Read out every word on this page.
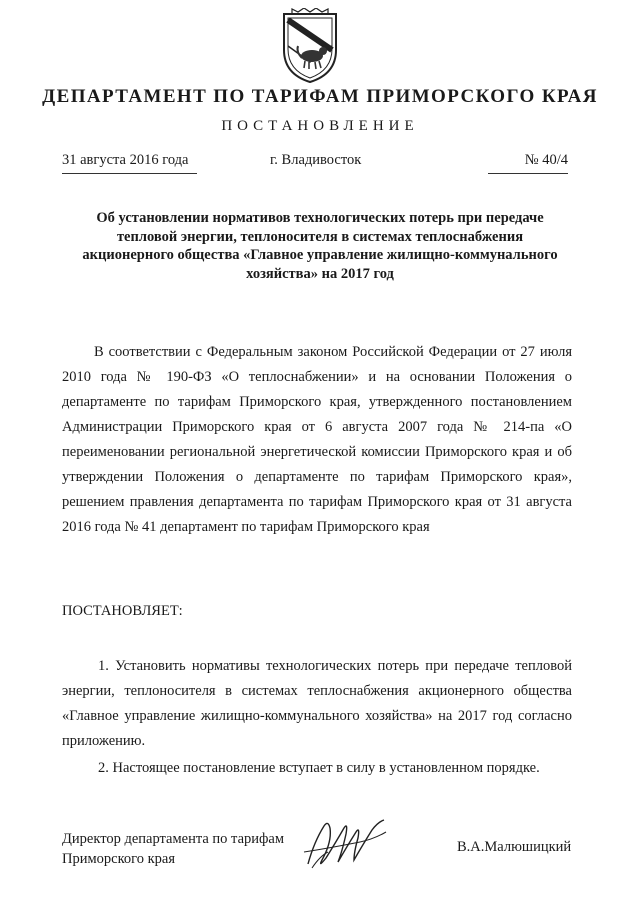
ДЕПАРТАМЕНТ ПО ТАРИФАМ ПРИМОРСКОГО КРАЯ
ПОСТАНОВЛЕНИЕ
31 августа 2016 года	г. Владивосток	№ 40/4
Об установлении нормативов технологических потерь при передаче тепловой энергии, теплоносителя в системах теплоснабжения акционерного общества «Главное управление жилищно-коммунального хозяйства» на 2017 год
В соответствии с Федеральным законом Российской Федерации от 27 июля 2010 года № 190-ФЗ «О теплоснабжении» и на основании Положения о департаменте по тарифам Приморского края, утвержденного постановлением Администрации Приморского края от 6 августа 2007 года № 214-па «О переименовании региональной энергетической комиссии Приморского края и об утверждении Положения о департаменте по тарифам Приморского края», решением правления департамента по тарифам Приморского края от 31 августа 2016 года № 41 департамент по тарифам Приморского края
ПОСТАНОВЛЯЕТ:
1. Установить нормативы технологических потерь при передаче тепловой энергии, теплоносителя в системах теплоснабжения акционерного общества «Главное управление жилищно-коммунального хозяйства» на 2017 год согласно приложению.
2. Настоящее постановление вступает в силу в установленном порядке.
Директор департамента по тарифам
Приморского края
В.А.Малюшицкий
